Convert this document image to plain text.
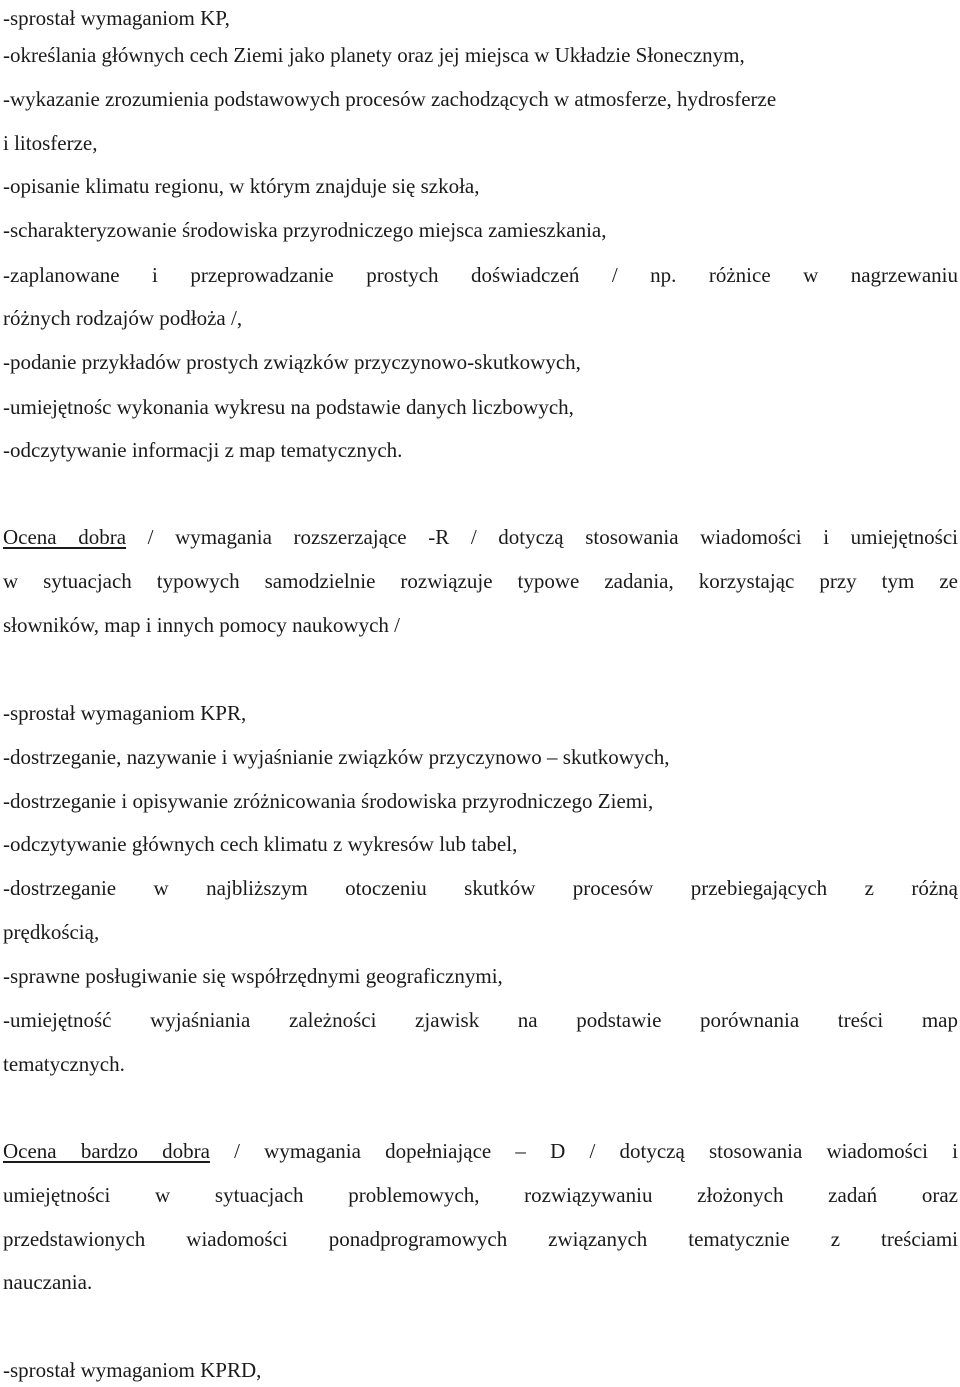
-sprostał wymaganiom KP,
-określania głównych cech Ziemi jako planety oraz jej miejsca w Układzie Słonecznym,
-wykazanie zrozumienia podstawowych procesów zachodzących w atmosferze, hydrosferze
i litosferze,
-opisanie klimatu regionu, w którym znajduje się szkoła,
-scharakteryzowanie środowiska przyrodniczego miejsca zamieszkania,
-zaplanowane i przeprowadzanie prostych doświadczeń / np. różnice w nagrzewaniu
różnych rodzajów podłoża /,
-podanie przykładów prostych związków przyczynowo-skutkowych,
-umiejętnośc wykonania wykresu na podstawie danych liczbowych,
-odczytywanie informacji z map tematycznych.
Ocena dobra / wymagania rozszerzające -R / dotyczą stosowania wiadomości i umiejętności
w sytuacjach typowych samodzielnie rozwiązuje typowe zadania, korzystając przy tym ze
słowników, map i innych pomocy naukowych /
-sprostał wymaganiom KPR,
-dostrzeganie, nazywanie i wyjaśnianie związków przyczynowo – skutkowych,
-dostrzeganie i opisywanie zróżnicowania środowiska przyrodniczego Ziemi,
-odczytywanie głównych cech klimatu z wykresów lub tabel,
-dostrzeganie w najbliższym otoczeniu skutków procesów przebiegających z różną
prędkością,
-sprawne posługiwanie się współrzędnymi geograficznymi,
-umiejętność wyjaśniania zależności zjawisk na podstawie porównania treści map
tematycznych.
Ocena bardzo dobra / wymagania dopełniające – D / dotyczą stosowania wiadomości i
umiejętności w sytuacjach problemowych, rozwiązywaniu złożonych zadań oraz
przedstawionych wiadomości ponadprogramowych związanych tematycznie z treściami
nauczania.
-sprostał wymaganiom KPRD,
